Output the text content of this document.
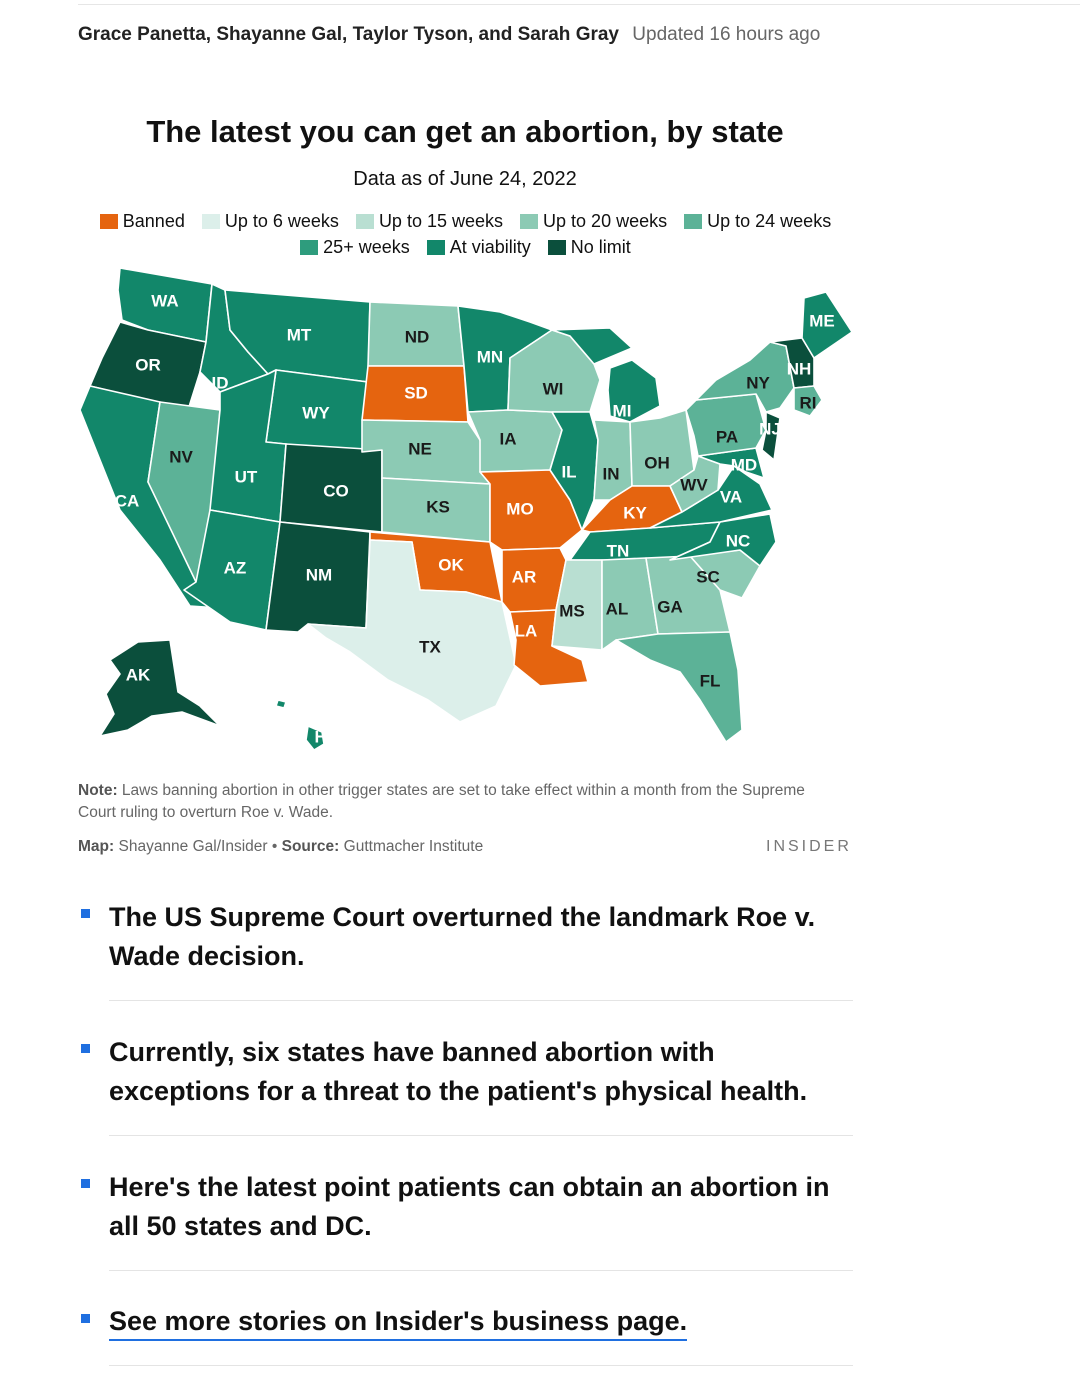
Grace Panetta, Shayanne Gal, Taylor Tyson, and Sarah Gray Updated 16 hours ago
The latest you can get an abortion, by state
Data as of June 24, 2022
Banned Up to 6 weeks Up to 15 weeks Up to 20 weeks Up to 24 weeks
25+ weeks At viability No limit
WA
OR
CA
ID
NV
MT
WY
UT
AZ
CO
NM
ND
SD
NE
KS
OK
TX
MN
IA
MO
AR
LA
WI
IL
MI
IN
OH
KY
TN
MS AL GA
FL
SC
NC
VA
WV
MD
PA
NY
NJ
NH
RI
ME
AK
HI
Note: Laws banning abortion in other trigger states are set to take effect within a month from the Supreme Court ruling to overturn Roe v. Wade.
Map: Shayanne Gal/Insider • Source: Guttmacher Institute	INSIDER
The US Supreme Court overturned the landmark Roe v. Wade decision.
Currently, six states have banned abortion with exceptions for a threat to the patient's physical health.
Here's the latest point patients can obtain an abortion in all 50 states and DC.
See more stories on Insider's business page.
